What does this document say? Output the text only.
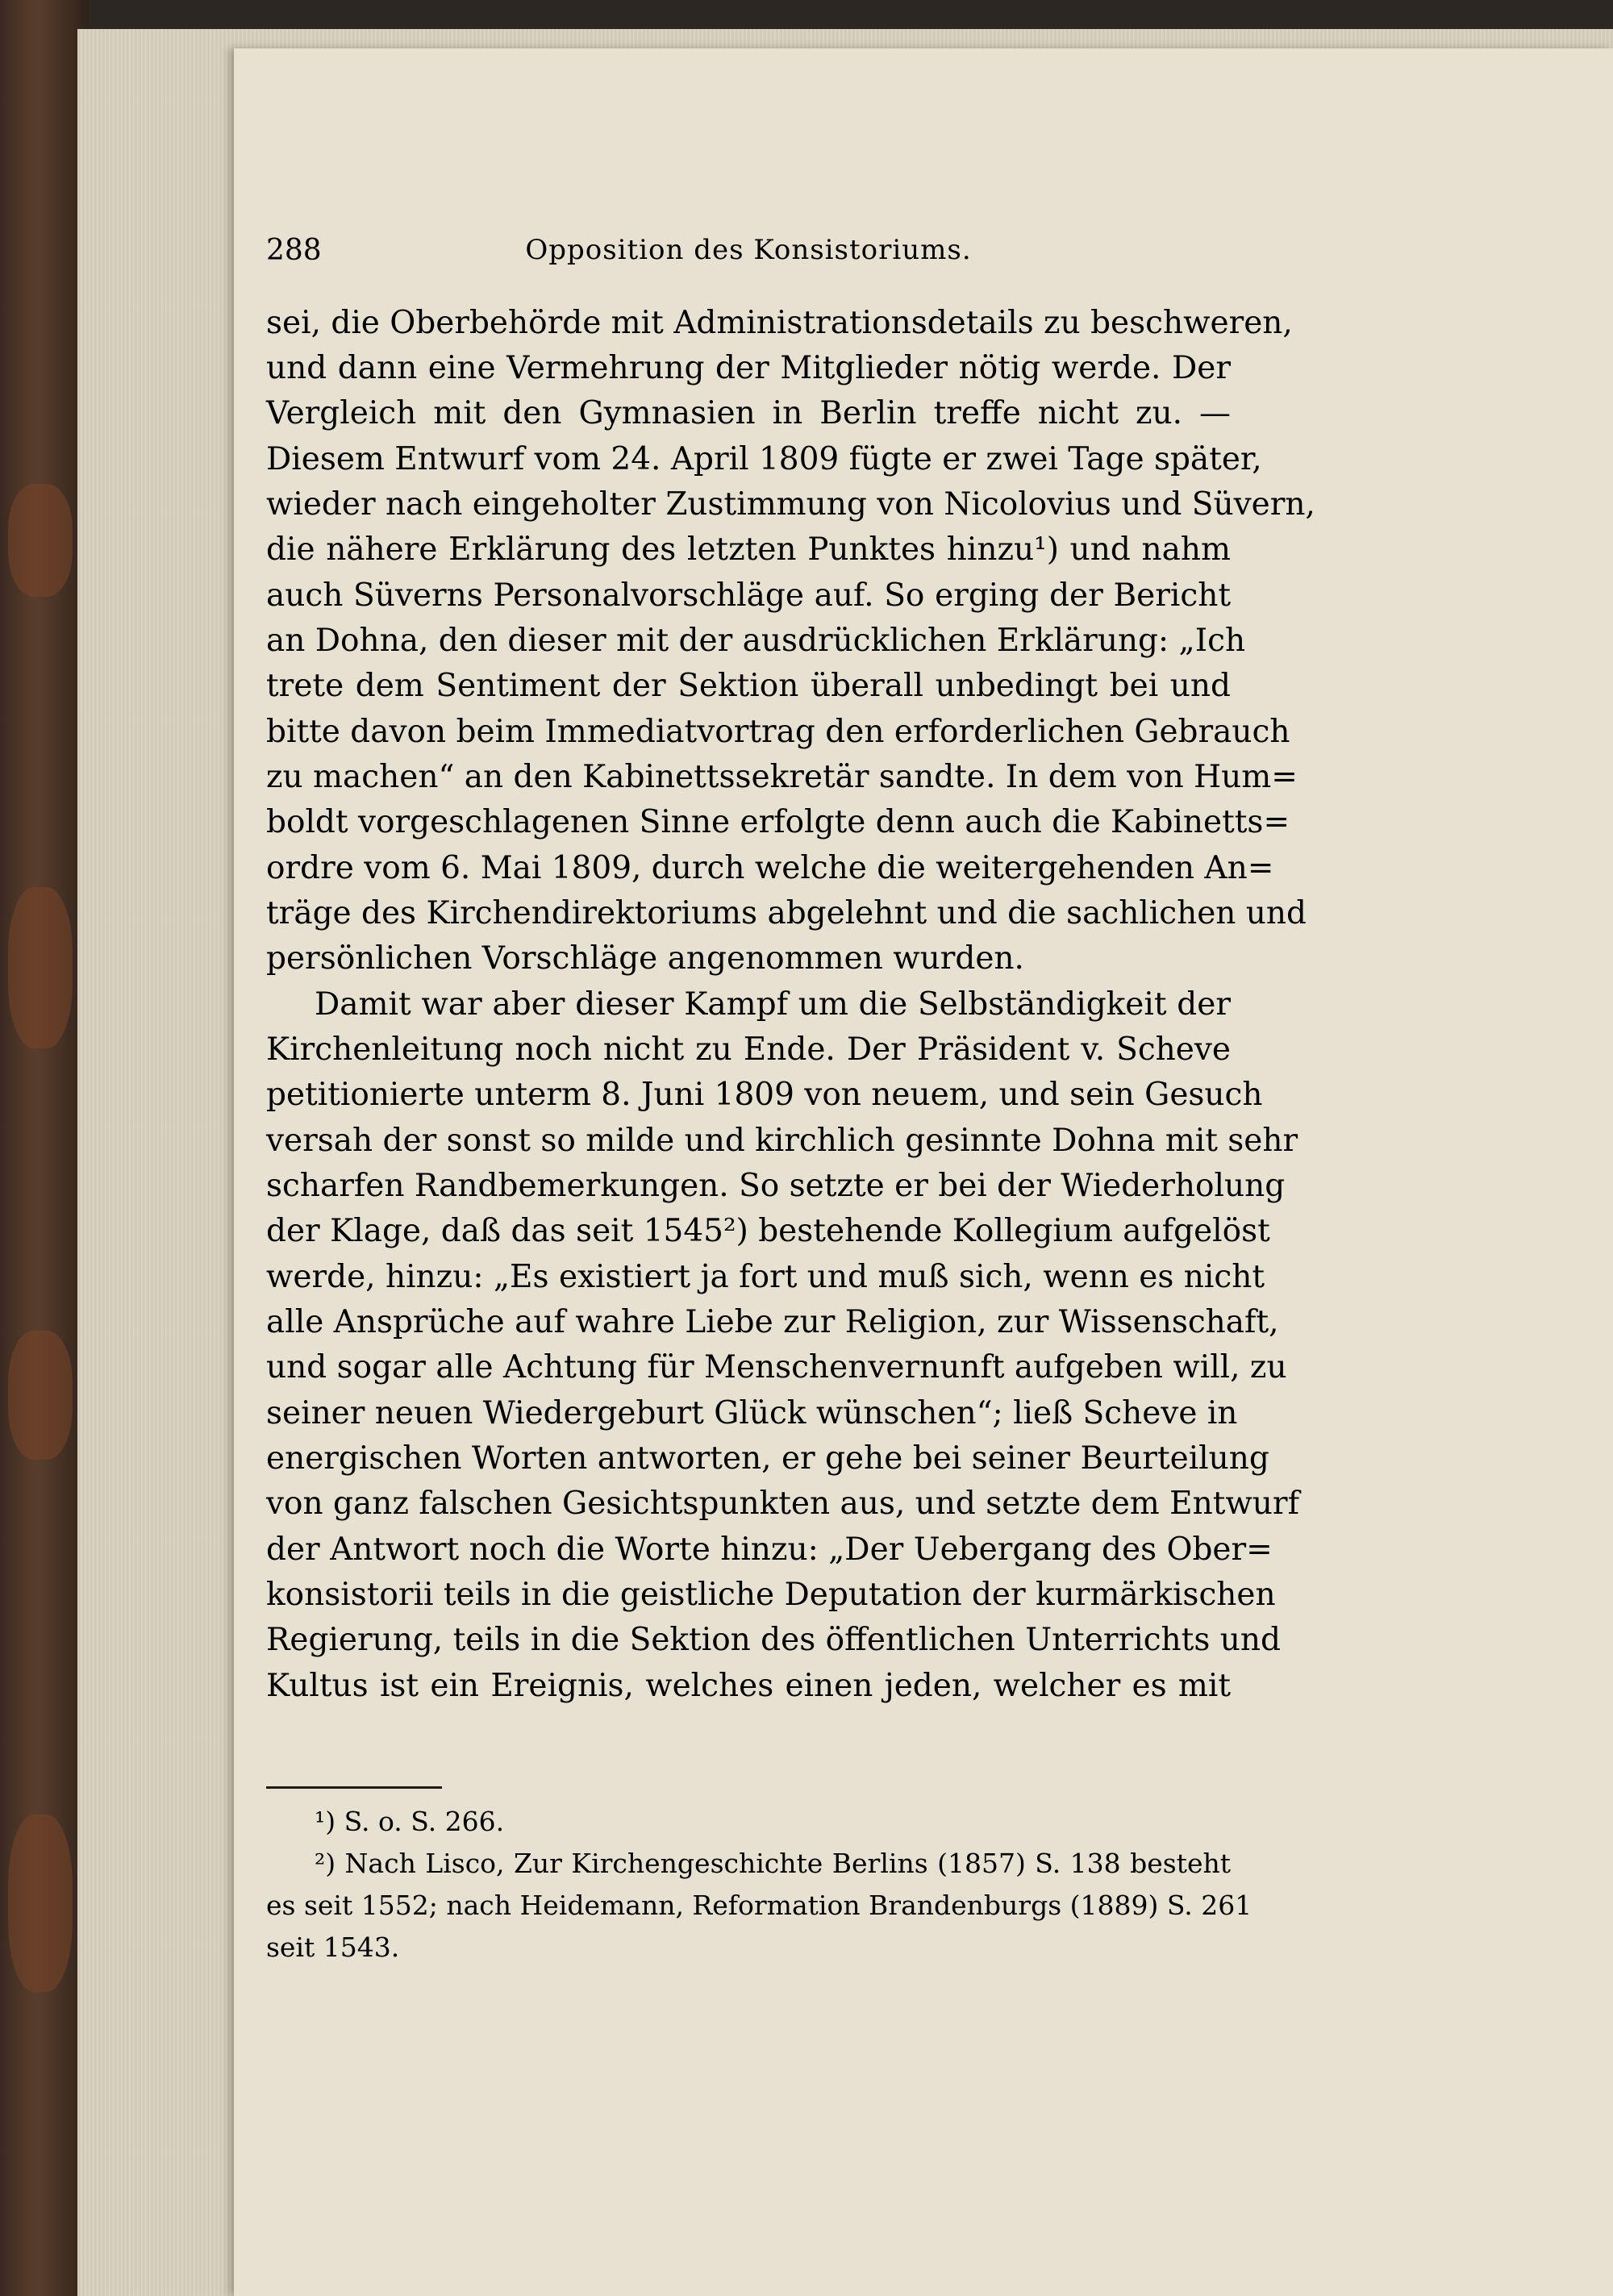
288	Opposition des Konsistoriums.
sei, die Oberbehörde mit Administrationsdetails zu beschweren,
und dann eine Vermehrung der Mitglieder nötig werde. Der
Vergleich mit den Gymnasien in Berlin treffe nicht zu. —
Diesem Entwurf vom 24. April 1809 fügte er zwei Tage später,
wieder nach eingeholter Zustimmung von Nicolovius und Süvern,
die nähere Erklärung des letzten Punktes hinzu¹) und nahm
auch Süverns Personalvorschläge auf. So erging der Bericht
an Dohna, den dieser mit der ausdrücklichen Erklärung: „Ich
trete dem Sentiment der Sektion überall unbedingt bei und
bitte davon beim Immediatvortrag den erforderlichen Gebrauch
zu machen“ an den Kabinettssekretär sandte. In dem von Hum=
boldt vorgeschlagenen Sinne erfolgte denn auch die Kabinetts=
ordre vom 6. Mai 1809, durch welche die weitergehenden An=
träge des Kirchendirektoriums abgelehnt und die sachlichen und
persönlichen Vorschläge angenommen wurden.
Damit war aber dieser Kampf um die Selbständigkeit der
Kirchenleitung noch nicht zu Ende. Der Präsident v. Scheve
petitionierte unterm 8. Juni 1809 von neuem, und sein Gesuch
versah der sonst so milde und kirchlich gesinnte Dohna mit sehr
scharfen Randbemerkungen. So setzte er bei der Wiederholung
der Klage, daß das seit 1545²) bestehende Kollegium aufgelöst
werde, hinzu: „Es existiert ja fort und muß sich, wenn es nicht
alle Ansprüche auf wahre Liebe zur Religion, zur Wissenschaft,
und sogar alle Achtung für Menschenvernunft aufgeben will, zu
seiner neuen Wiedergeburt Glück wünschen“; ließ Scheve in
energischen Worten antworten, er gehe bei seiner Beurteilung
von ganz falschen Gesichtspunkten aus, und setzte dem Entwurf
der Antwort noch die Worte hinzu: „Der Uebergang des Ober=
konsistorii teils in die geistliche Deputation der kurmärkischen
Regierung, teils in die Sektion des öffentlichen Unterrichts und
Kultus ist ein Ereignis, welches einen jeden, welcher es mit
¹) S. o. S. 266.
²) Nach Lisco, Zur Kirchengeschichte Berlins (1857) S. 138 besteht
es seit 1552; nach Heidemann, Reformation Brandenburgs (1889) S. 261
seit 1543.
